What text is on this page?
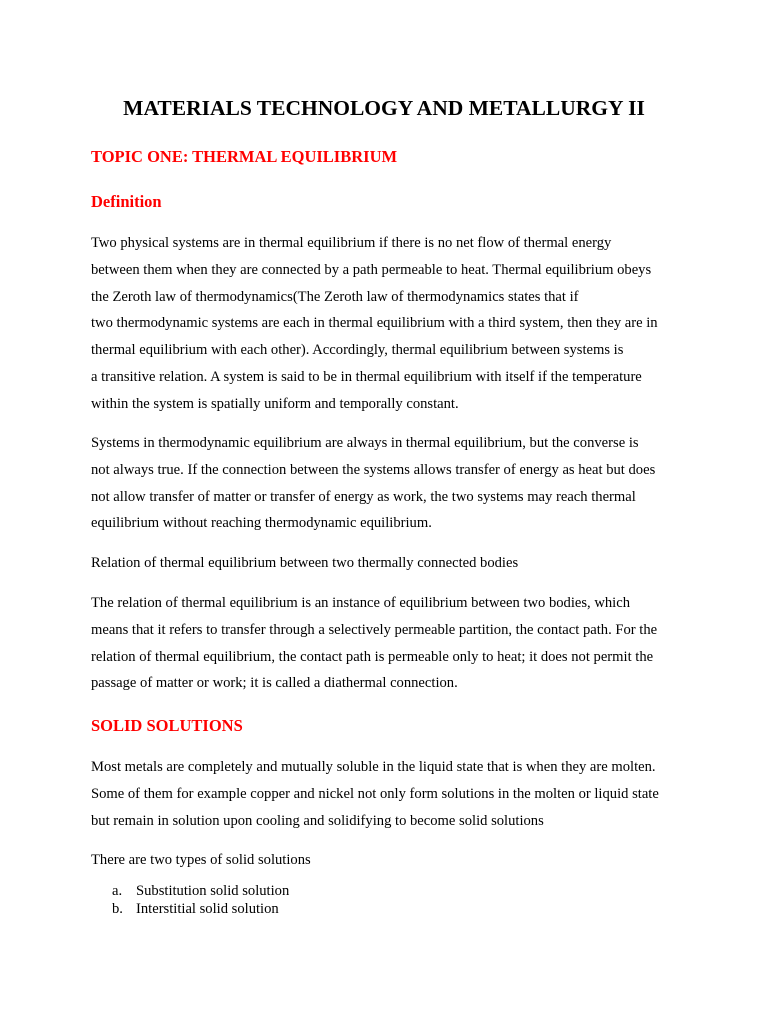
MATERIALS TECHNOLOGY AND METALLURGY II
TOPIC ONE: THERMAL EQUILIBRIUM
Definition

Two physical systems are in thermal equilibrium if there is no net flow of thermal energy
between them when they are connected by a path permeable to heat. Thermal equilibrium obeys
the Zeroth law of thermodynamics(The Zeroth law of thermodynamics states that if
two thermodynamic systems are each in thermal equilibrium with a third system, then they are in
thermal equilibrium with each other). Accordingly, thermal equilibrium between systems is
a transitive relation. A system is said to be in thermal equilibrium with itself if the temperature
within the system is spatially uniform and temporally constant.

Systems in thermodynamic equilibrium are always in thermal equilibrium, but the converse is
not always true. If the connection between the systems allows transfer of energy as heat but does
not allow transfer of matter or transfer of energy as work, the two systems may reach thermal
equilibrium without reaching thermodynamic equilibrium.

Relation of thermal equilibrium between two thermally connected bodies

The relation of thermal equilibrium is an instance of equilibrium between two bodies, which
means that it refers to transfer through a selectively permeable partition, the contact path. For the
relation of thermal equilibrium, the contact path is permeable only to heat; it does not permit the
passage of matter or work; it is called a diathermal connection.

SOLID SOLUTIONS

Most metals are completely and mutually soluble in the liquid state that is when they are molten.
Some of them for example copper and nickel not only form solutions in the molten or liquid state
but remain in solution upon cooling and solidifying to become solid solutions

There are two types of solid solutions

a. Substitution solid solution
b. Interstitial solid solution
